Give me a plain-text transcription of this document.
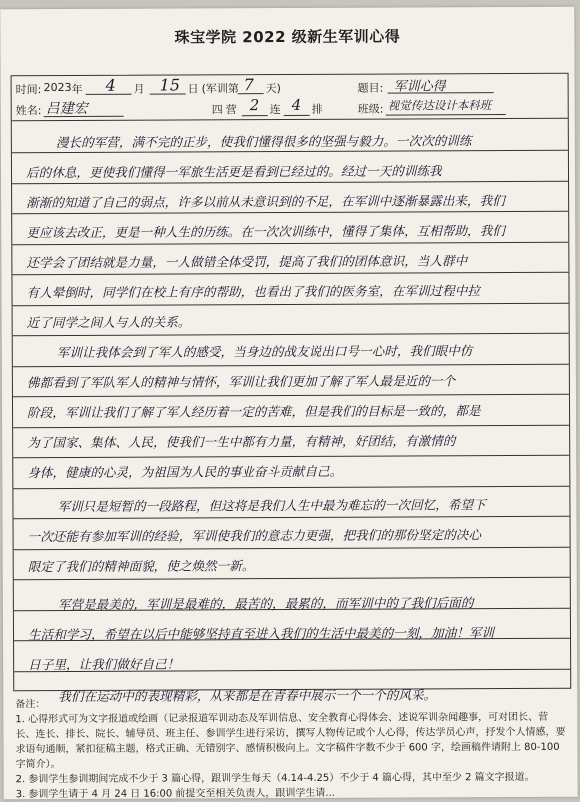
珠宝学院 2022 级新生军训心得
时间: 2023 年 4 月 15 日 (军训第 7 天)	题目: 军训心得
姓名: 吕建宏	四 营 2 连 4 排	班级: 视觉传达设计本科班
漫长的军营，满不完的正步，使我们懂得很多的坚强与毅力。一次次的训练
后的休息，更使我们懂得一军旅生活更是看到已经过的。经过一天的训练我
渐渐的知道了自己的弱点，许多以前从未意识到的不足，在军训中逐渐暴露出来，我们
更应该去改正，更是一种人生的历练。在一次次训练中，懂得了集体，互相帮助，我们
还学会了团结就是力量，一人做错全体受罚，提高了我们的团体意识，当人群中
有人晕倒时，同学们在校上有序的帮助，也看出了我们的医务室，在军训过程中拉
近了同学之间人与人的关系。
军训让我体会到了军人的感受，当身边的战友说出口号一心时，我们眼中仿
佛都看到了军队军人的精神与情怀，军训让我们更加了解了军人最是近的一个
阶段，军训让我们了解了军人经历着一定的苦难，但是我们的目标是一致的，都是
为了国家、集体、人民，使我们一生中都有力量，有精神，好团结，有激情的
身体，健康的心灵，为祖国为人民的事业奋斗贡献自己。
军训只是短暂的一段路程，但这将是我们人生中最为难忘的一次回忆，希望下
一次还能有参加军训的经验，军训使我们的意志力更强，把我们的那份坚定的决心
限定了我们的精神面貌，使之焕然一新。
军营是最美的，军训是最难的，最苦的，最累的，而军训中的了我们后面的
生活和学习，希望在以后中能够坚持直至进入我们的生活中最美的一刻，加油！军训
日子里，让我们做好自己！
我们在运动中的表现精彩，从来都是在青春中展示一个一个的风采。
备注：
1. 心得形式可为文字报道或绘画（记录报道军训动态及军训信息、安全教育心得体会、述说军训杂闻趣事，可对团长、营长、连长、排长、院长、辅导员、班主任、参训学生进行采访，撰写人物传记或个人心得，传达学员心声，抒发个人情感，要求语句通顺，紧扣征稿主题，格式正确、无错别字、感情积极向上。文字稿件字数不少于 600 字，绘画稿件请附上 80-100 字简介）。
2. 参训学生参训期间完成不少于 3 篇心得，跟训学生每天（4.14-4.25）不少于 4 篇心得，其中至少 2 篇文字报道。
3. 参训学生请于 4 月 24 日 16:00 前提交至相关负责人，跟训学生请...
